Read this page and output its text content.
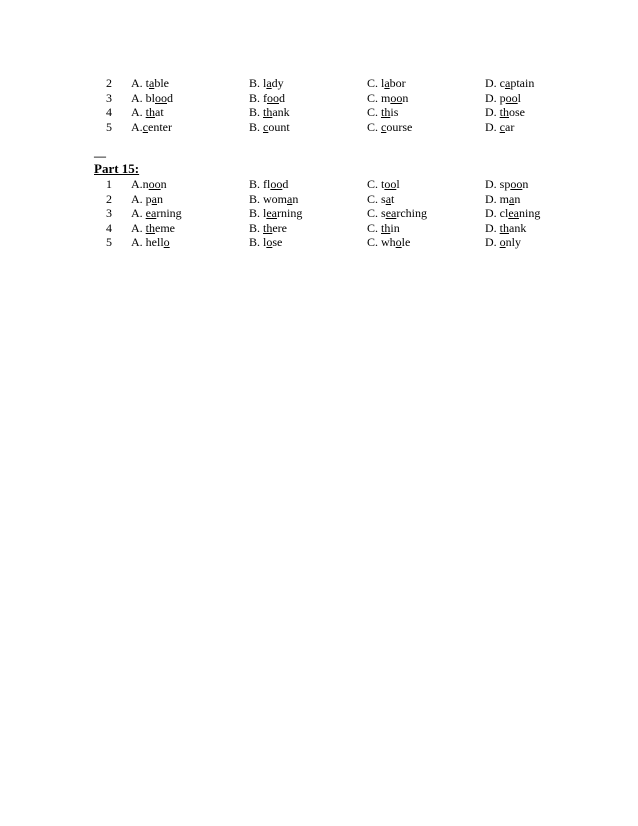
2 A. table	B. lady	C. labor	D. captain
3 A. blood	B. food	C. moon	D. pool
4 A. that	B. thank	C. this	D. those
5 A.center	B. count	C. course	D. car
—
Part 15:
1 A.noon	B. flood	C. tool	D. spoon
2 A. pan	B. woman	C. sat	D. man
3 A. earning	B. learning	C. searching	D. cleaning
4 A. theme	B. there	C. thin	D. thank
5 A. hello	B. lose	C. whole	D. only
